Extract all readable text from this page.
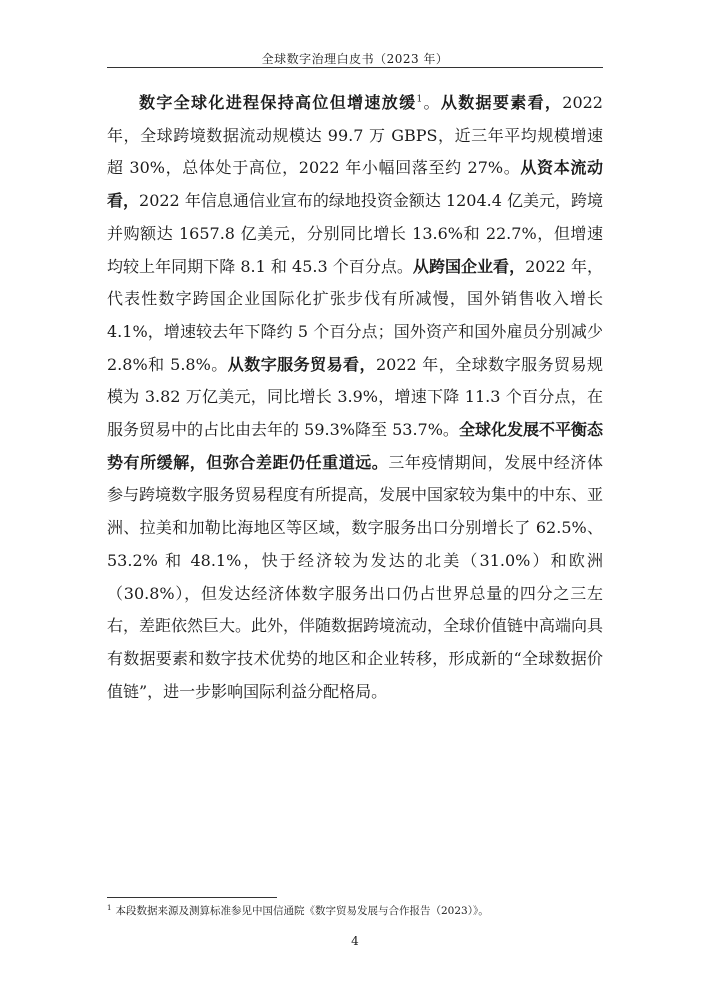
全球数字治理白皮书（2023 年）

数字全球化进程保持高位但增速放缓$^1$。从数据要素看，2022 年，全球跨境数据流动规模达 99.7 万 GBPS，近三年平均规模增速超 30%，总体处于高位，2022 年小幅回落至约 27%。从资本流动看，2022 年信息通信业宣布的绿地投资金额达 1204.4 亿美元，跨境并购额达 1657.8 亿美元，分别同比增长 13.6%和 22.7%，但增速均较上年同期下降 8.1 和 45.3 个百分点。从跨国企业看，2022 年，代表性数字跨国企业国际化扩张步伐有所减慢，国外销售收入增长 4.1%，增速较去年下降约 5 个百分点；国外资产和国外雇员分别减少 2.8%和 5.8%。从数字服务贸易看，2022 年，全球数字服务贸易规模为 3.82 万亿美元，同比增长 3.9%，增速下降 11.3 个百分点，在服务贸易中的占比由去年的 59.3%降至 53.7%。全球化发展不平衡态势有所缓解，但弥合差距仍任重道远。三年疫情期间，发展中经济体参与跨境数字服务贸易程度有所提高，发展中国家较为集中的中东、亚洲、拉美和加勒比海地区等区域，数字服务出口分别增长了 62.5%、53.2% 和 48.1%，快于经济较为发达的北美（31.0%）和欧洲（30.8%），但发达经济体数字服务出口仍占世界总量的四分之三左右，差距依然巨大。此外，伴随数据跨境流动，全球价值链中高端向具有数据要素和数字技术优势的地区和企业转移，形成新的“全球数据价值链”，进一步影响国际利益分配格局。

$^1$ 本段数据来源及测算标准参见中国信通院《数字贸易发展与合作报告（2023）》。
4
